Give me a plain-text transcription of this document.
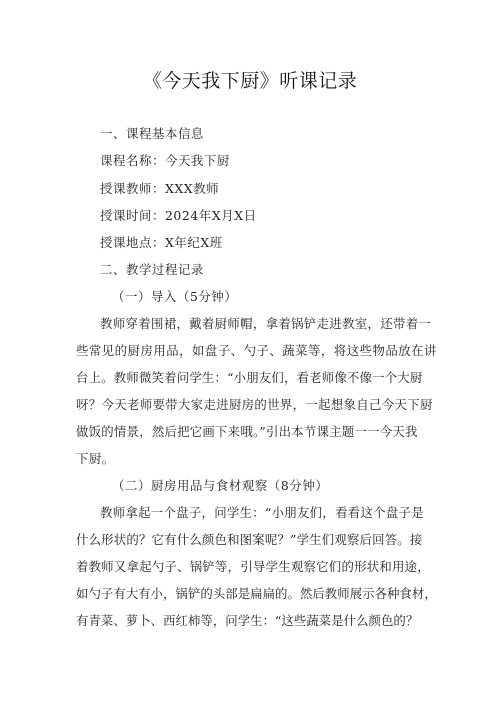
《今天我下厨》听课记录
一、课程基本信息
课程名称：今天我下厨
授课教师：XXX教师
授课时间：2024年X月X日
授课地点：X年纪X班
二、教学过程记录
（一）导入（5分钟）
教师穿着围裙，戴着厨师帽，拿着锅铲走进教室，还带着一
些常见的厨房用品，如盘子、勺子、蔬菜等，将这些物品放在讲
台上。教师微笑着问学生：“小朋友们，看老师像不像一个大厨
呀？今天老师要带大家走进厨房的世界，一起想象自己今天下厨
做饭的情景，然后把它画下来哦。”引出本节课主题一一今天我
下厨。
（二）厨房用品与食材观察（8分钟）
教师拿起一个盘子，问学生：“小朋友们，看看这个盘子是
什么形状的？它有什么颜色和图案呢？”学生们观察后回答。接
着教师又拿起勺子、锅铲等，引导学生观察它们的形状和用途，
如勺子有大有小，锅铲的头部是扁扁的。然后教师展示各种食材，
有青菜、萝卜、西红柿等，问学生：“这些蔬菜是什么颜色的？
